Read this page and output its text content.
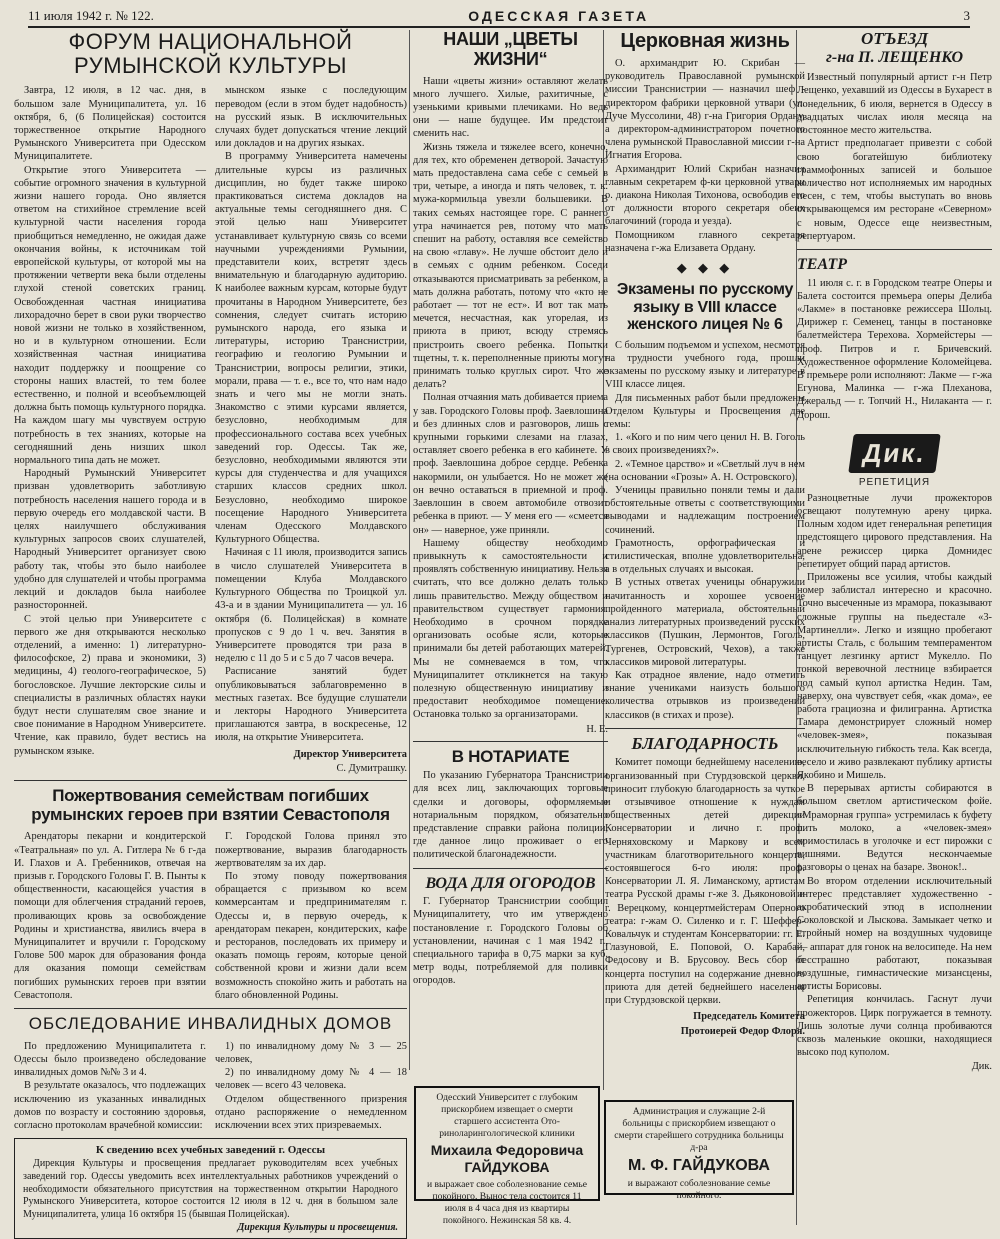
11 июля 1942 г. № 122.	ОДЕССКАЯ ГАЗЕТА	3
ФОРУМ НАЦИОНАЛЬНОЙ РУМЫНСКОЙ КУЛЬТУРЫ

Завтра, 12 июля, в 12 час. дня, в большом зале Муниципалитета, ул. 16 октября, 6, (6 Полицейская) состоится торжественное открытие Народного Румынского Университета при Одесском Муниципалитете.

Открытие этого Университета — событие огромного значения в культурной жизни нашего города. Оно является ответом на стихийное стремление всей культурной части населения города приобщиться немедленно, не ожидая даже окончания войны, к источникам той европейской культуры, от которой мы на протяжении четверти века были отделены глухой стеной советских границ. Освобожденная частная инициатива лихорадочно берет в свои руки творчество новой жизни не только в хозяйственном, но и в культурном отношении. Если хозяйственная частная инициатива находит поддержку и поощрение со стороны наших властей, то тем более естественно, и полной и всеобъемлющей должна быть помощь культурного порядка. На каждом шагу мы чувствуем острую потребность в тех знаниях, которые на сегодняшний день низших школ нормального типа дать не может.

Народный Румынский Университет призван удовлетворить заботливую потребность населения нашего города и в первую очередь его молдавской части. В целях наилучшего обслуживания культурных запросов своих слушателей, Народный Университет организует свою работу так, чтобы это было наиболее удобно для слушателей и чтобы программа лекций и докладов была наиболее разносторонней.

С этой целью при Университете с первого же дня открываются несколько отделений, а именно: 1) литературно-философское, 2) права и экономики, 3) медицины, 4) геолого-географическое, 5) богословское. Лучшие лекторские силы и специалисты в различных областях науки будут нести слушателям свое знание и свое понимание в Народном Университете. Чтение, как правило, будет вестись на румынском языке.

мынском языке с последующим переводом (если в этом будет надобность) на русский язык. В исключительных случаях будет допускаться чтение лекций или докладов и на других языках.

В программу Университета намечены длительные курсы из различных дисциплин, но будет также широко практиковаться система докладов на актуальные темы сегодняшнего дня. С этой целью наш Университет устанавливает культурную связь со всеми научными учреждениями Румынии, представители коих, встретят здесь внимательную и благодарную аудиторию. К наиболее важным курсам, которые будут прочитаны в Народном Университете, без сомнения, следует считать историю румынского народа, его языка и литературы, историю Транснистрии, географию и геологию Румынии и Транснистрии, вопросы религии, этики, морали, права — т. е., все то, что нам надо знать и чего мы не могли знать. Знакомство с этими курсами является, безусловно, необходимым для профессионального состава всех учебных заведений гор. Одессы. Так же, безусловно, необходимыми являются эти курсы для студенчества и для учащихся старших классов средних школ. Безусловно, необходимо широкое посещение Народного Университета членам Одесского Молдавского Культурного Общества.

Начиная с 11 июля, производится запись в число слушателей Университета в помещении Клуба Молдавского Культурного Общества по Троицкой ул. 43-а и в здании Муниципалитета — ул. 16 октября (6. Полицейская) в комнате пропусков с 9 до 1 ч. веч. Занятия в Университете проводятся три раза в неделю с 11 до 5 и с 5 до 7 часов вечера.

Расписание занятий будет опубликовываться заблаговременно в местных газетах. Все будущие слушатели и лекторы Народного Университета приглашаются завтра, в воскресенье, 12 июля, на открытие Университета.

Директор Университета
С. Думитрашку.
Пожертвования семействам погибших румынских героев при взятии Севастополя

Арендаторы пекарни и кондитерской «Театральная» по ул. А. Гитлера № 6 г-да И. Глахов и А. Гребенников, отвечая на призыв г. Городского Головы Г. В. Пынты к общественности, касающейся участия в помощи для облегчения страданий героев, проливающих кровь за освобождение Родины и христианства, явились вчера в Муниципалитет и вручили г. Городскому Голове 500 марок для образования фонда для оказания помощи семействам погибших румынских героев при взятии Севастополя.

Г. Городской Голова принял это пожертвование, выразив благодарность жертвователям за их дар.

По этому поводу пожертвования обращается с призывом ко всем коммерсантам и предпринимателям г. Одессы и, в первую очередь, к арендаторам пекарен, кондитерских, кафе и ресторанов, последовать их примеру и оказать помощь героям, которые ценой собственной крови и жизни дали всем возможность спокойно жить и работать на благо обновленной Родины.

ОБСЛЕДОВАНИЕ ИНВАЛИДНЫХ ДОМОВ

По предложению Муниципалитета г. Одессы было произведено обследование инвалидных домов №№ 3 и 4.

В результате оказалось, что подлежащих исключению из указанных инвалидных домов по возрасту и состоянию здоровья, согласно протоколам врачебной комиссии:

1) по инвалидному дому № 3 — 25 человек,

2) по инвалидному дому № 4 — 18 человек — всего 43 человека.

Отделом общественного призрения отдано распоряжение о немедленном исключении всех этих призреваемых.

К сведению всех учебных заведений г. Одессы

Дирекция Культуры и просвещения предлагает руководителям всех учебных заведений гор. Одессы уведомить всех интеллектуальных работников учреждений о необходимости обязательного присутствия на торжественном открытии Народного Румынского Университета, которое состоится 12 июля в 12 ч. дня в большом зале Муниципалитета, улица 16 октября 15 (бывшая Полицейская).

Дирекция Культуры и просвещения.
НАШИ „ЦВЕТЫ ЖИЗНИ“

Наши «цветы жизни» оставляют желать много лучшего. Хилые, рахитичные, с узенькими кривыми плечиками. Но ведь они — наше будущее. Им предстоит сменить нас.

Жизнь тяжела и тяжелее всего, конечно, для тех, кто обременен детворой. Зачастую мать предоставлена сама себе с семьей в три, четыре, а иногда и пять человек, т. к. мужа-кормильца увезли большевики. В таких семьях настоящее горе. С раннего утра начинается рев, потому что мать спешит на работу, оставляя все семейство на свою «главу». Не лучше обстоит дело и в семьях с одним ребенком. Соседи отказываются присматривать за ребенком, а мать должна работать, потому что «кто не работает — тот не ест». И вот так мать мечется, несчастная, как угорелая, из приюта в приют, всюду стремясь пристроить своего ребенка. Попытки тщетны, т. к. переполненные приюты могут принимать только круглых сирот. Что же делать?

Полная отчаяния мать добивается приема у зав. Городского Головы проф. Заевлошина и без длинных слов и разговоров, лишь с крупными горькими слезами на глазах, оставляет своего ребенка в его кабинете. У проф. Заевлошина доброе сердце. Ребенка накормили, он улыбается. Но не может же он вечно оставаться в приемной и проф. Заевлошин в своем автомобиле отвозит ребенка в приют. — У меня его — «смеется он» — наверное, уже приняли.

Нашему обществу необходимо привыкнуть к самостоятельности и проявлять собственную инициативу. Нельзя считать, что все должно делать только лишь правительство. Между обществом и правительством существует гармония. Необходимо в срочном порядке организовать особые ясли, которые принимали бы детей работающих матерей. Мы не сомневаемся в том, что Муниципалитет откликнется на такую полезную общественную инициативу и предоставит необходимое помещение. Остановка только за организаторами.

Н. Е.
В НОТАРИАТЕ

По указанию Губернатора Транснистрии для всех лиц, заключающих торговые сделки и договоры, оформляемые нотариальным порядком, обязательно представление справки района полиции, где данное лицо проживает о его политической благонадежности.

ВОДА ДЛЯ ОГОРОДОВ

Г. Губернатор Транснистрии сообщил Муниципалитету, что им утверждено постановление г. Городского Головы об установлении, начиная с 1 мая 1942 г., специального тарифа в 0,75 марки за куб. метр воды, потребляемой для поливки огородов.

Одесский Университет с глубоким прискорбием извещает о смерти старшего ассистента Ото-риноларингологической клиники
Михаила Федоровича ГАЙДУКОВА
и выражает свое соболезнование семье покойного. Вынос тела состоится 11 июля в 4 часа дня из квартиры покойного. Нежинская 58 кв. 4.
Церковная жизнь

О. архимандрит Ю. Скрибан — руководитель Православной румынской миссии Транснистрии — назначил шеф - директором фабрики церковной утвари (ул. Дуче Муссолини, 48) г-на Григория Ордану, а директором-администратором почетного члена румынской Православной миссии г-на Игнатия Егорова.

Архимандрит Юлий Скрибан назначил главным секретарем ф-ки церковной утвари о. диакона Николая Тихонова, освободив его от должности второго секретаря обеих благочиний (города и уезда).

Помощником главного секретаря назначена г-жа Елизавета Ордану.

◆ ◆ ◆
Экзамены по русскому языку в VIII классе женского лицея № 6

С большим подъемом и успехом, несмотря на трудности учебного года, прошли экзамены по русскому языку и литературе в VIII классе лицея.

Для письменных работ были предложены Отделом Культуры и Просвещения две темы:

1. «Кого и по ним чего ценил Н. В. Гоголь в своих произведениях?».

2. «Темное царство» и «Светлый луч в нем (на основании «Грозы» А. Н. Островского).

Ученицы правильно поняли темы и дали обстоятельные ответы с соответствующими выводами и надлежащим построением сочинений.

Грамотность, орфографическая и стилистическая, вполне удовлетворительна, а в отдельных случаях и высокая.

В устных ответах ученицы обнаружили начитанность и хорошее усвоение пройденного материала, обстоятельный анализ литературных произведений русских классиков (Пушкин, Лермонтов, Гоголь, Тургенев, Островский, Чехов), а также классиков мировой литературы.

Как отрадное явление, надо отметить знание учениками наизусть большого количества отрывков из произведений классиков (в стихах и прозе).

БЛАГОДАРНОСТЬ

Комитет помощи беднейшему населению, организованный при Стурдзовской церкви, приносит глубокую благодарность за чуткое и отзывчивое отношение к нуждам общественных детей дирекции Консерватории и лично г. проф. Черняховскому и Маркову и всем участникам благотворительного концерта, состоявшегося 6-го июля: проф. Консерватории Л. Я. Лиманскому, артистам театра Русской драмы г-же З. Дьяконовой и г. Верецкому, концертмейстерам Оперного театра: г-жам О. Силенко и г. Г. Шеффер-Ковальчук и студентам Консерватории: гг. Е. Глазуновой, Е. Поповой, О. Карабай, Федосову и В. Брусовоу. Весь сбор от концерта поступил на содержание дневного приюта для детей беднейшего населения при Стурдзовской церкви.

Председатель Комитета
Протоиерей Федор Флоря.
Администрация и служащие 2-й больницы с прискорбием извещают о смерти старейшего сотрудника больницы д-ра
М. Ф. ГАЙДУКОВА
и выражают соболезнование семье покойного.
ОТЪЕЗД
г-на П. ЛЕЩЕНКО

Известный популярный артист г-н Петр Лещенко, уехавший из Одессы в Бухарест в понедельник, 6 июля, вернется в Одессу в двадцатых числах июля месяца на постоянное место жительства.

Артист предполагает привезти с собой свою богатейшую библиотеку граммофонных записей и большое количество нот исполняемых им народных песен, с тем, чтобы выступать во вновь открывающемся им ресторане «Северном» с новым, Одессе еще неизвестным, репертуаром.

ТЕАТР

11 июля с. г. в Городском театре Оперы и Балета состоится премьера оперы Делиба «Лакме» в постановке режиссера Шольц. Дирижер г. Семенец, танцы в постановке балетмейстера Терехова. Хормейстеры — проф. Питров и г. Бричевский. Художественное оформление Коломейцева. В премьере роли исполняют: Лакме — г-жа Егунова, Малинка — г-жа Плеханова, Джеральд — г. Топчий Н., Нилаканта — г. Дорош.

Дик.
РЕПЕТИЦИЯ

Разноцветные лучи прожекторов освещают полутемную арену цирка. Полным ходом идет генеральная репетиция предстоящего цирового представления. На арене режиссер цирка Домнидес репетирует общий парад артистов.

Приложены все усилия, чтобы каждый номер заблистал интересно и красочно. Точно высеченные из мрамора, показывают сложные группы на пьедестале «3-Мартинелли». Легко и изящно пробегают артисты Сталь, с большим темпераментом танцует лезгинку артист Мукелло. По тонкой веревочной лестнице взбирается под самый купол артистка Недин. Там, наверху, она чувствует себя, «как дома», ее работа грациозна и филигранна. Артистка Тамара демонстрирует сложный номер «человек-змея», показывая исключительную гибкость тела. Как всегда, весело и живо развлекают публику артисты Якобино и Мишель.

В перерывах артисты собираются в большом светлом артистическом фойе. «Мраморная группа» устремилась к буфету пить молоко, а «человек-змея» примостилась в уголочке и ест пирожки с вишнями. Ведутся нескончаемые разговоры о ценах на базаре. Звонок!..

Во втором отделении исключительный интерес представляет художественно - акробатический этюд в исполнении Соколовской и Лыскова. Замыкает четко и стройный номер на воздушных чудовище — аппарат для гонок на велосипеде. На нем бесстрашно работают, показывая воздушные, гимнастические мизансцены, артисты Борисовы.

Репетиция кончилась. Гаснут лучи прожекторов. Цирк погружается в темноту. Лишь золотые лучи солнца пробиваются сквозь маленькие окошки, находящиеся высоко под куполом.

Дик.
